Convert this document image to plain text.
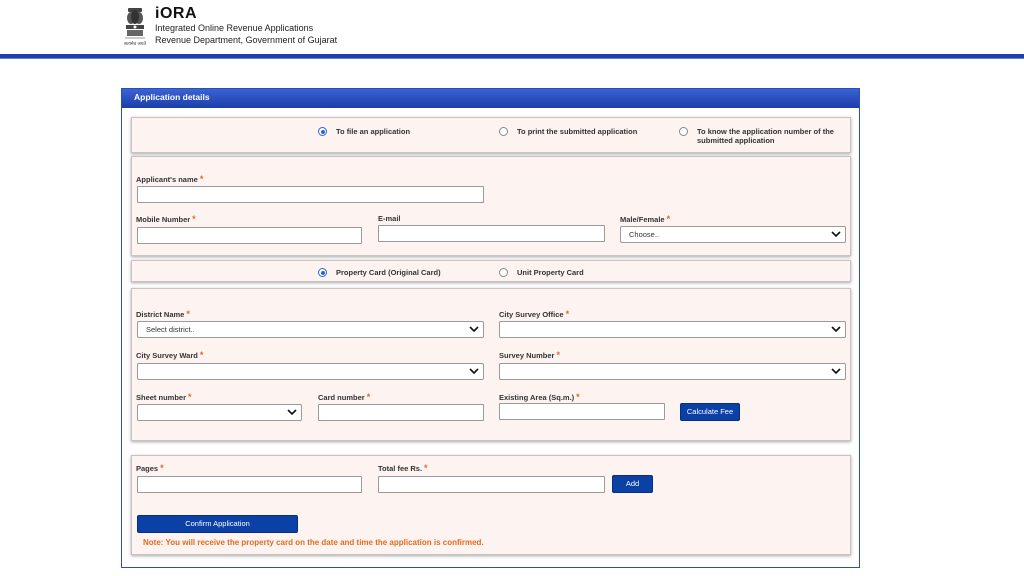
सत्यमेव जयते
iORA
Integrated Online Revenue Applications
Revenue Department, Government of Gujarat
Application details
To file an application	To print the submitted application	To know the application number of the submitted application
Applicant's name *
Mobile Number *	E-mail	Male/Female *
Choose..
Property Card (Original Card)	Unit Property Card
District Name *
Select district..
City Survey Office *
City Survey Ward *	Survey Number *
Sheet number *	Card number *	Existing Area (Sq.m.) *
Calculate Fee
Pages *	Total fee Rs. *
Add
Confirm Application
Note: You will receive the property card on the date and time the application is confirmed.
